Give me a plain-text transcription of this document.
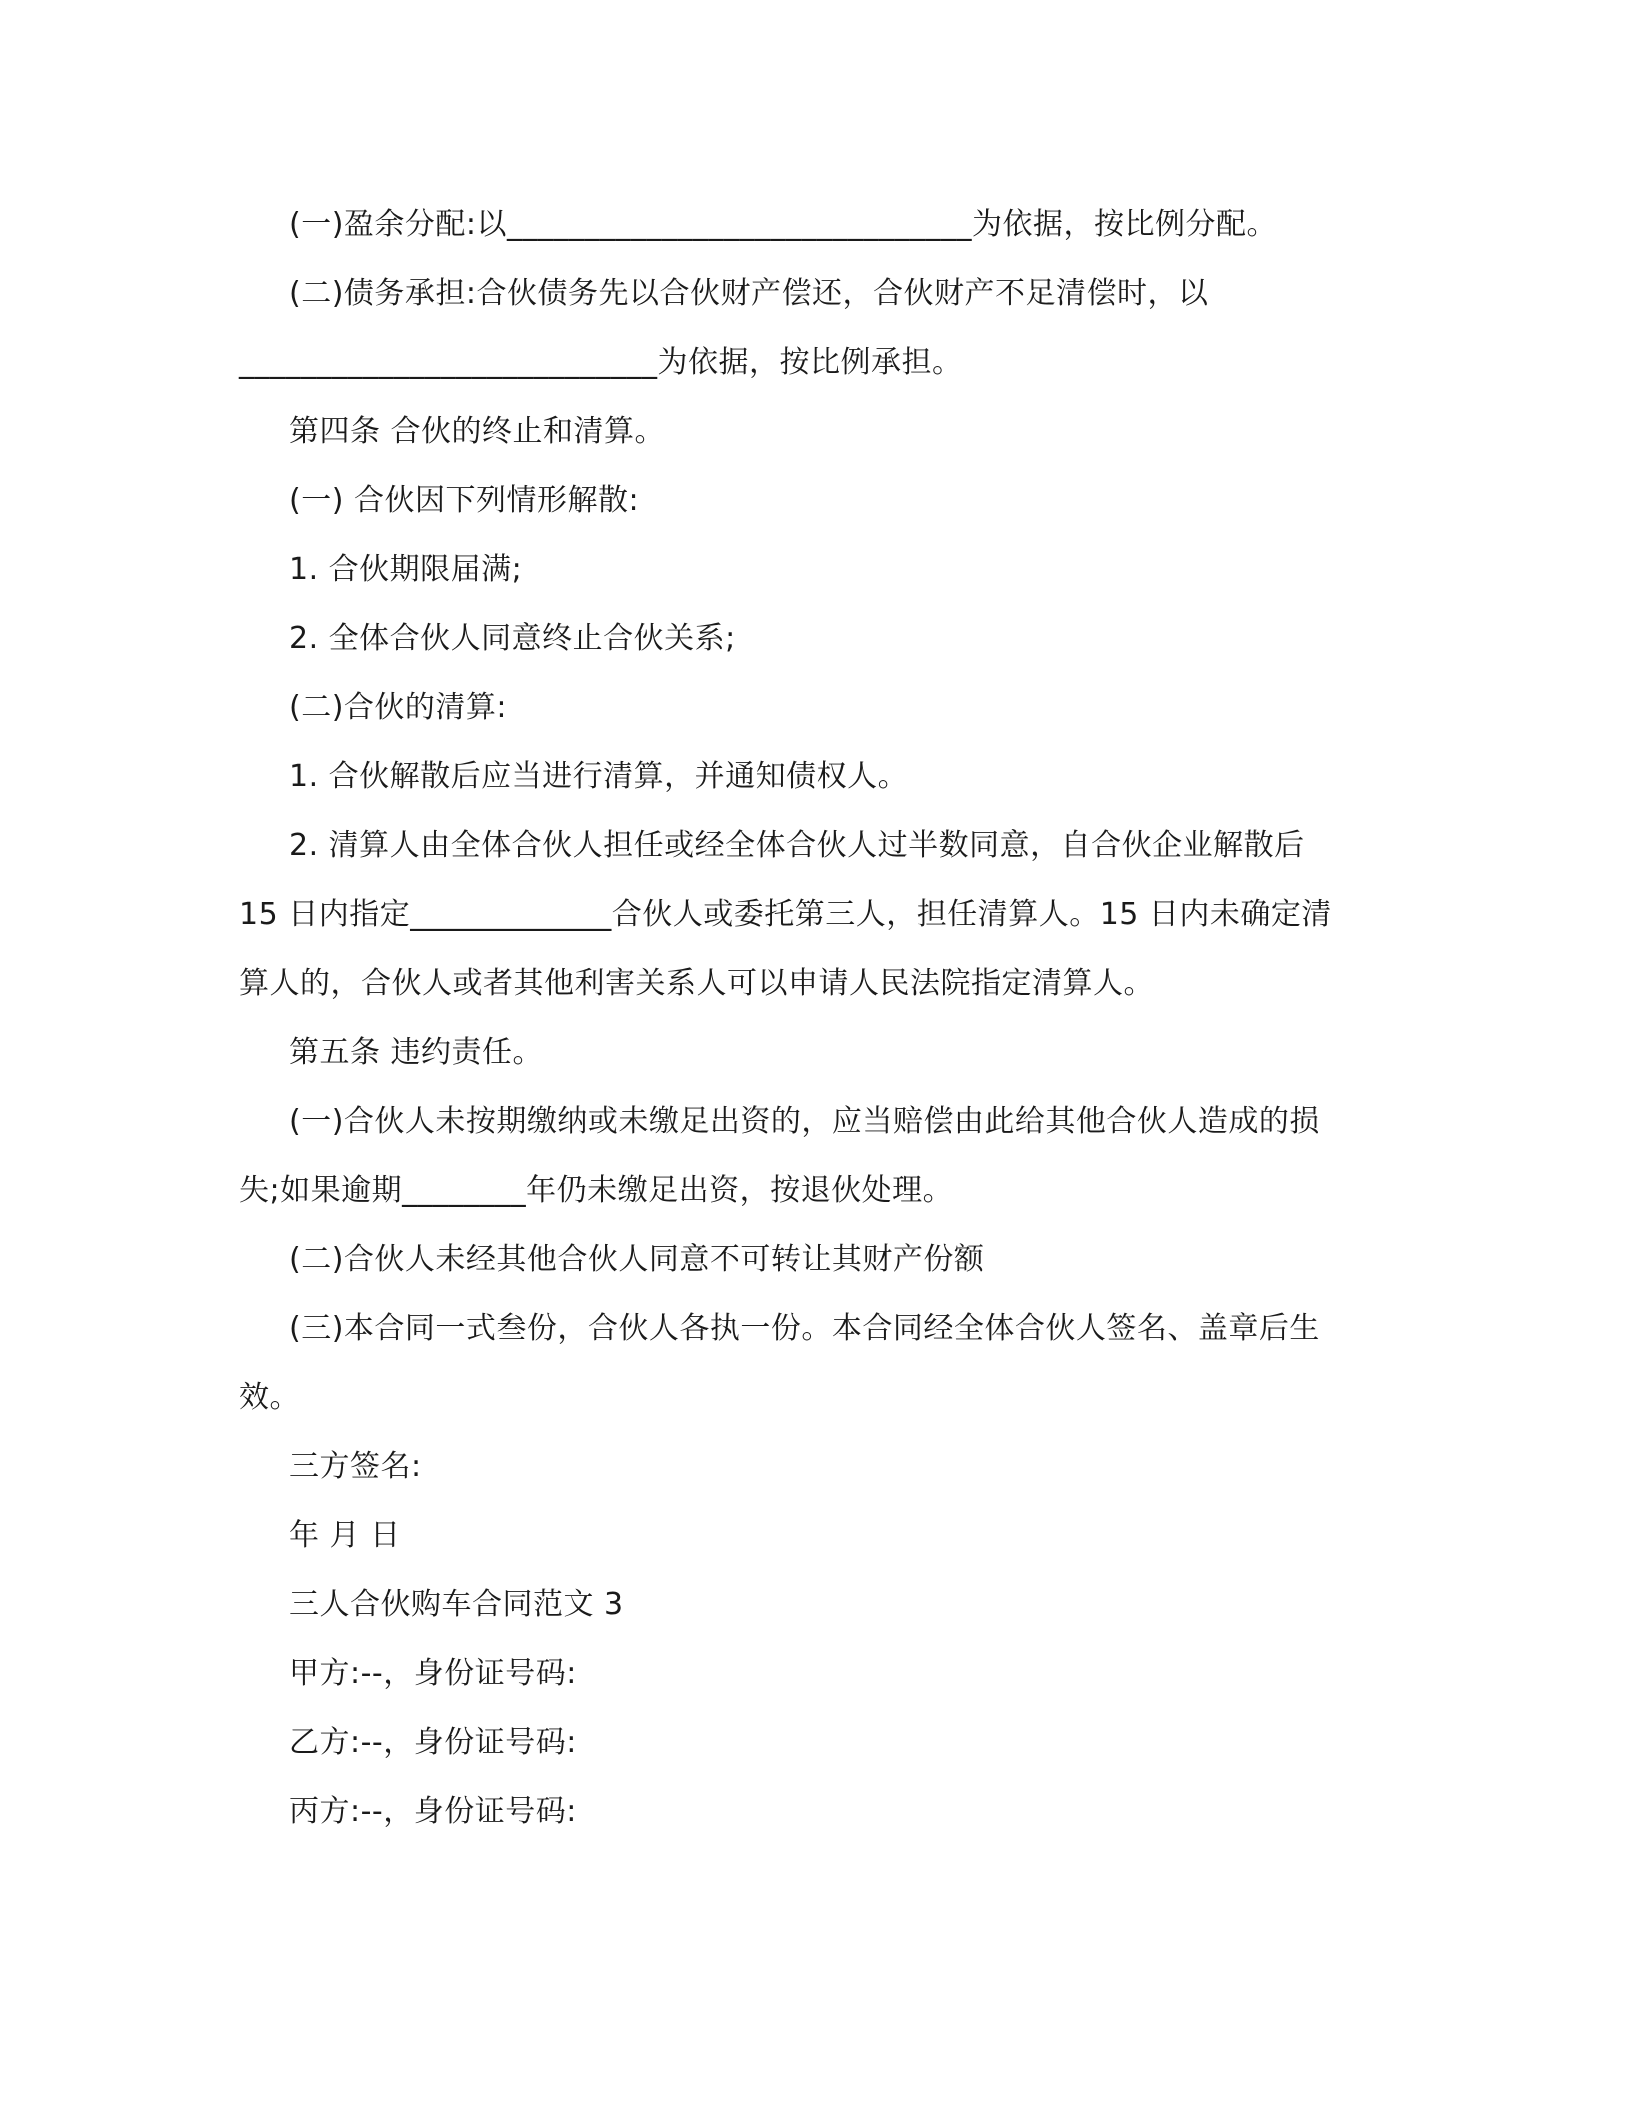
(一)盈余分配:以______________________________为依据，按比例分配。
(二)债务承担:合伙债务先以合伙财产偿还，合伙财产不足清偿时，以
___________________________为依据，按比例承担。
第四条 合伙的终止和清算。
(一) 合伙因下列情形解散:
1. 合伙期限届满;
2. 全体合伙人同意终止合伙关系;
(二)合伙的清算:
1. 合伙解散后应当进行清算，并通知债权人。
2. 清算人由全体合伙人担任或经全体合伙人过半数同意，自合伙企业解散后
15 日内指定_____________合伙人或委托第三人，担任清算人。15 日内未确定清
算人的，合伙人或者其他利害关系人可以申请人民法院指定清算人。
第五条 违约责任。
(一)合伙人未按期缴纳或未缴足出资的，应当赔偿由此给其他合伙人造成的损
失;如果逾期________年仍未缴足出资，按退伙处理。
(二)合伙人未经其他合伙人同意不可转让其财产份额
(三)本合同一式叁份，合伙人各执一份。本合同经全体合伙人签名、盖章后生
效。
三方签名:
年 月 日
三人合伙购车合同范文 3
甲方:--，身份证号码:
乙方:--，身份证号码:
丙方:--，身份证号码:
